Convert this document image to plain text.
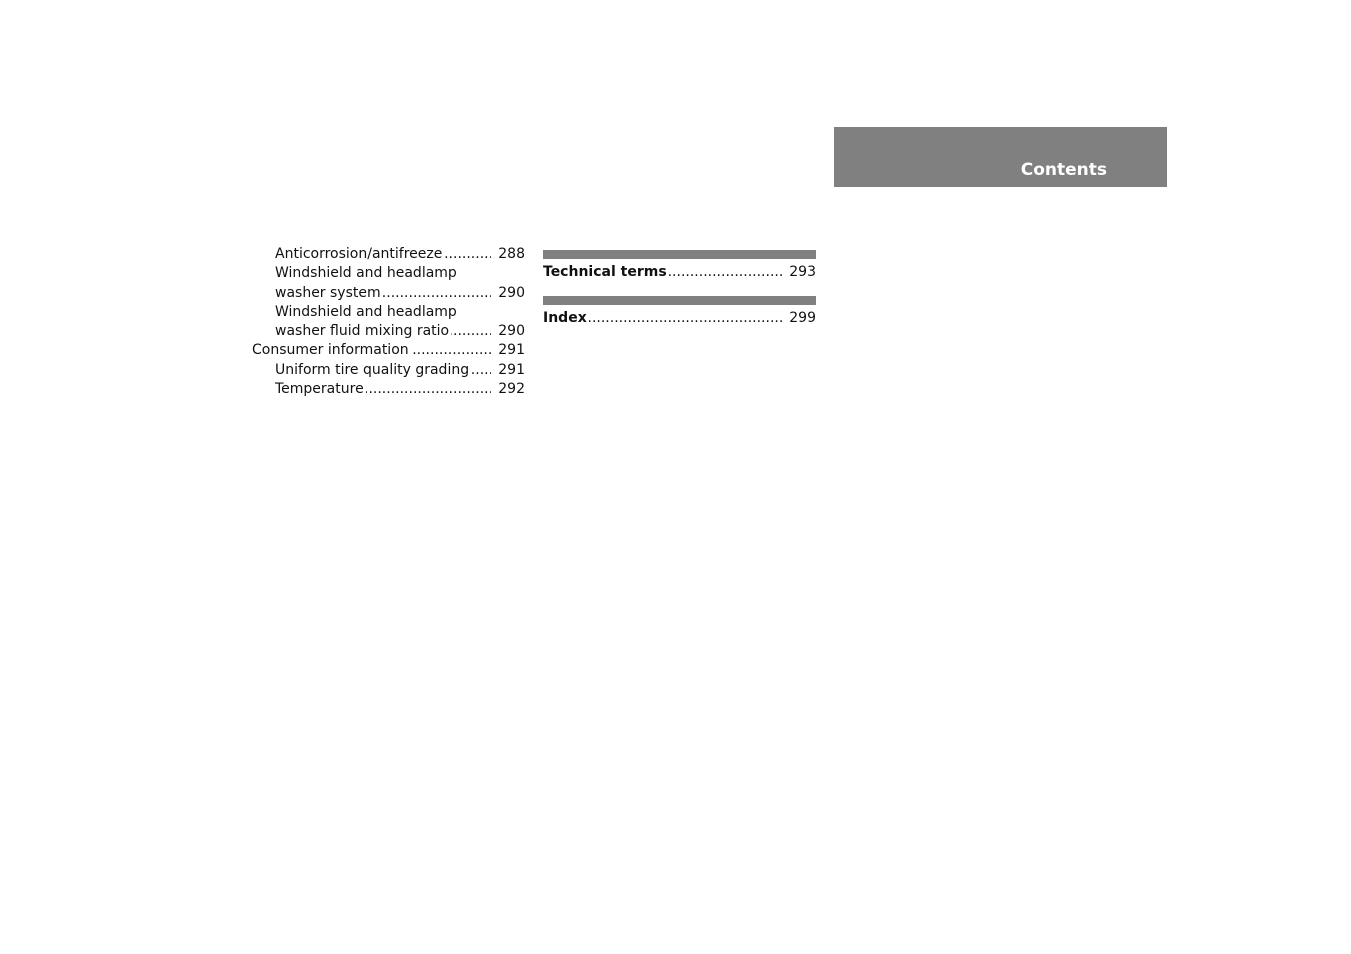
Contents
.....
Anticorrosion/antifreeze	288
Windshield and headlamp
.....
washer system	290
Windshield and headlamp
.....
washer fluid mixing ratio	290
.....
Consumer information	291
.....
Uniform tire quality grading	291
.....
Temperature	292
.....
Technical terms	293
.....
Index	299
